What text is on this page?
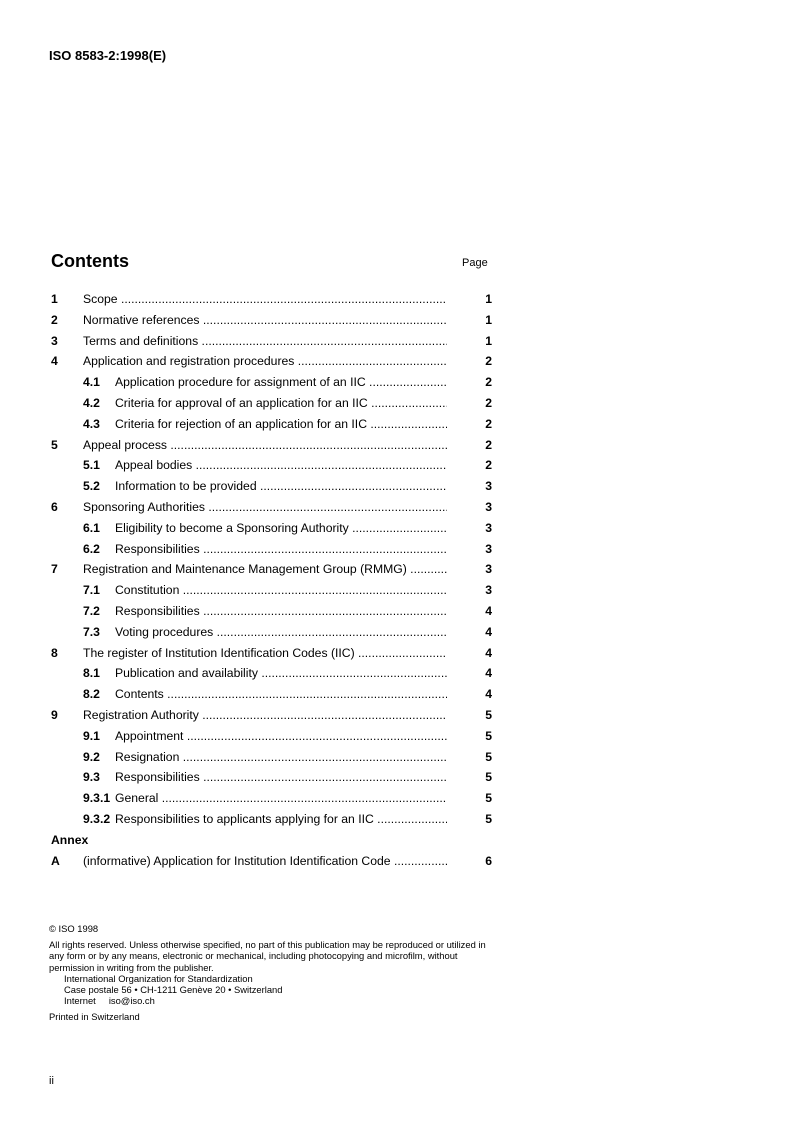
ISO 8583-2:1998(E)
Contents	Page
1 Scope .....	1
2 Normative references .....	1
3 Terms and definitions .....	1
4 Application and registration procedures .....	2
4.1 Application procedure for assignment of an IIC .....	2
4.2 Criteria for approval of an application for an IIC .....	2
4.3 Criteria for rejection of an application for an IIC .....	2
5 Appeal process .....	2
5.1 Appeal bodies .....	2
5.2 Information to be provided .....	3
6 Sponsoring Authorities .....	3
6.1 Eligibility to become a Sponsoring Authority .....	3
6.2 Responsibilities .....	3
7 Registration and Maintenance Management Group (RMMG) .....	3
7.1 Constitution .....	3
7.2 Responsibilities .....	4
7.3 Voting procedures .....	4
8 The register of Institution Identification Codes (IIC) .....	4
8.1 Publication and availability .....	4
8.2 Contents .....	4
9 Registration Authority .....	5
9.1 Appointment .....	5
9.2 Resignation .....	5
9.3 Responsibilities .....	5
9.3.1 General .....	5
9.3.2 Responsibilities to applicants applying for an IIC .....	5
Annex
A (informative) Application for Institution Identification Code .....	6

© ISO 1998

All rights reserved. Unless otherwise specified, no part of this publication may be reproduced or utilized in any form or by any means, electronic or mechanical, including photocopying and microfilm, without permission in writing from the publisher.

International Organization for Standardization

Case postale 56 • CH-1211 Genève 20 • Switzerland

Internet     iso@iso.ch

Printed in Switzerland

ii
